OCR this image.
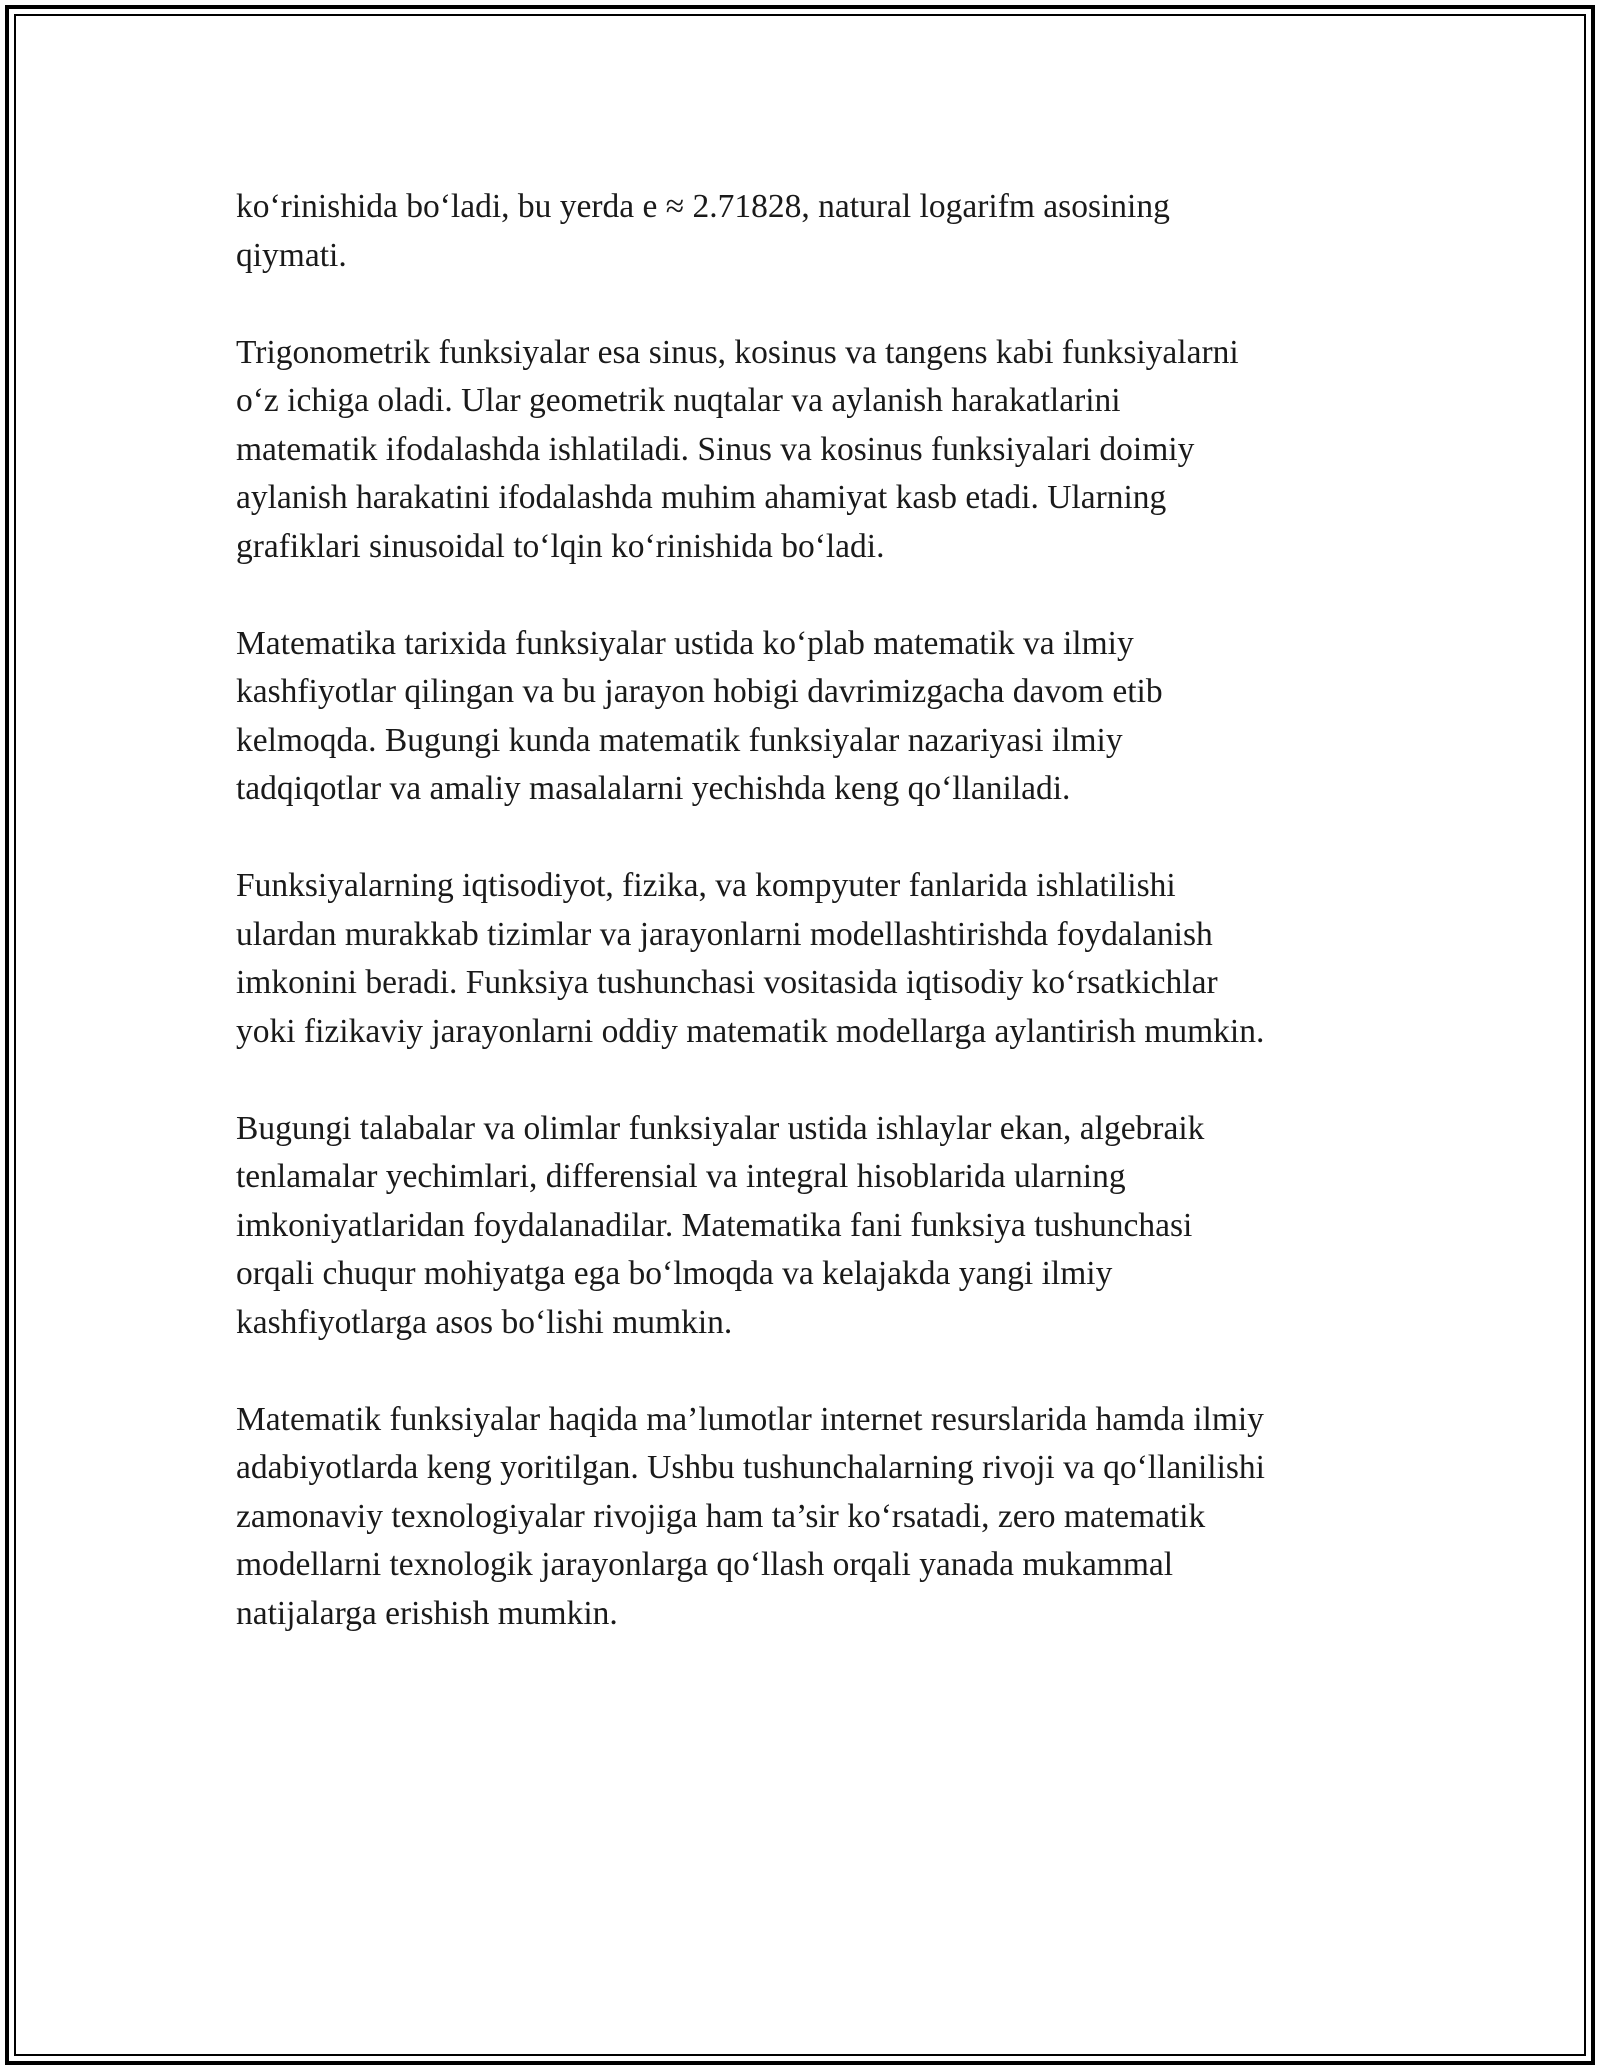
ko‘rinishida bo‘ladi, bu yerda e ≈ 2.71828, natural logarifm asosining
qiymati.

Trigonometrik funksiyalar esa sinus, kosinus va tangens kabi funksiyalarni
o‘z ichiga oladi. Ular geometrik nuqtalar va aylanish harakatlarini
matematik ifodalashda ishlatiladi. Sinus va kosinus funksiyalari doimiy
aylanish harakatini ifodalashda muhim ahamiyat kasb etadi. Ularning
grafiklari sinusoidal to‘lqin ko‘rinishida bo‘ladi.

Matematika tarixida funksiyalar ustida ko‘plab matematik va ilmiy
kashfiyotlar qilingan va bu jarayon hobigi davrimizgacha davom etib
kelmoqda. Bugungi kunda matematik funksiyalar nazariyasi ilmiy
tadqiqotlar va amaliy masalalarni yechishda keng qo‘llaniladi.

Funksiyalarning iqtisodiyot, fizika, va kompyuter fanlarida ishlatilishi
ulardan murakkab tizimlar va jarayonlarni modellashtirishda foydalanish
imkonini beradi. Funksiya tushunchasi vositasida iqtisodiy ko‘rsatkichlar
yoki fizikaviy jarayonlarni oddiy matematik modellarga aylantirish mumkin.

Bugungi talabalar va olimlar funksiyalar ustida ishlaylar ekan, algebraik
tenlamalar yechimlari, differensial va integral hisoblarida ularning
imkoniyatlaridan foydalanadilar. Matematika fani funksiya tushunchasi
orqali chuqur mohiyatga ega bo‘lmoqda va kelajakda yangi ilmiy
kashfiyotlarga asos bo‘lishi mumkin.

Matematik funksiyalar haqida ma’lumotlar internet resurslarida hamda ilmiy
adabiyotlarda keng yoritilgan. Ushbu tushunchalarning rivoji va qo‘llanilishi
zamonaviy texnologiyalar rivojiga ham ta’sir ko‘rsatadi, zero matematik
modellarni texnologik jarayonlarga qo‘llash orqali yanada mukammal
natijalarga erishish mumkin.
